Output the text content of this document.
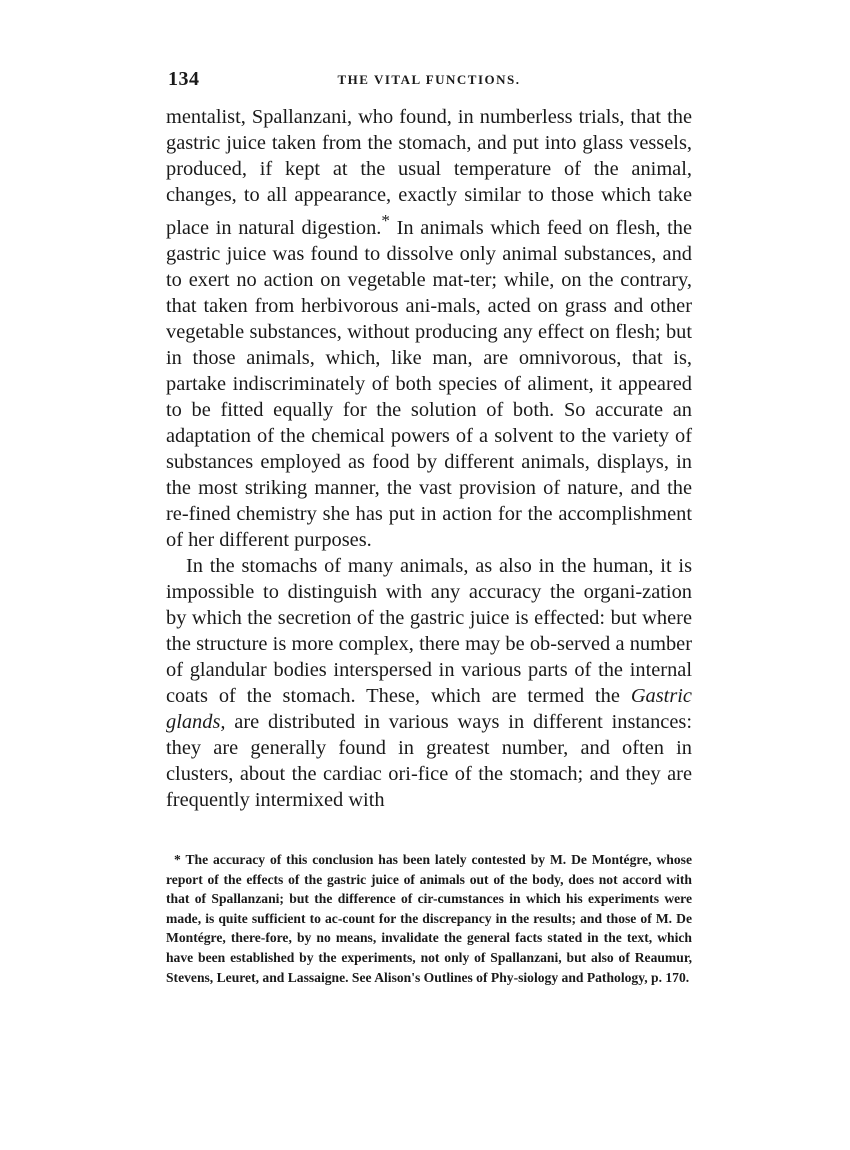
134	THE VITAL FUNCTIONS.

mentalist, Spallanzani, who found, in numberless trials, that the gastric juice taken from the stomach, and put into glass vessels, produced, if kept at the usual temperature of the animal, changes, to all appearance, exactly similar to those which take place in natural digestion.* In animals which feed on flesh, the gastric juice was found to dissolve only animal substances, and to exert no action on vegetable mat-ter; while, on the contrary, that taken from herbivorous ani-mals, acted on grass and other vegetable substances, without producing any effect on flesh; but in those animals, which, like man, are omnivorous, that is, partake indiscriminately of both species of aliment, it appeared to be fitted equally for the solution of both. So accurate an adaptation of the chemical powers of a solvent to the variety of substances employed as food by different animals, displays, in the most striking manner, the vast provision of nature, and the re-fined chemistry she has put in action for the accomplishment of her different purposes.

In the stomachs of many animals, as also in the human, it is impossible to distinguish with any accuracy the organi-zation by which the secretion of the gastric juice is effected: but where the structure is more complex, there may be ob-served a number of glandular bodies interspersed in various parts of the internal coats of the stomach. These, which are termed the Gastric glands, are distributed in various ways in different instances: they are generally found in greatest number, and often in clusters, about the cardiac ori-fice of the stomach; and they are frequently intermixed with

* The accuracy of this conclusion has been lately contested by M. De Montégre, whose report of the effects of the gastric juice of animals out of the body, does not accord with that of Spallanzani; but the difference of cir-cumstances in which his experiments were made, is quite sufficient to ac-count for the discrepancy in the results; and those of M. De Montégre, there-fore, by no means, invalidate the general facts stated in the text, which have been established by the experiments, not only of Spallanzani, but also of Reaumur, Stevens, Leuret, and Lassaigne. See Alison's Outlines of Phy-siology and Pathology, p. 170.
